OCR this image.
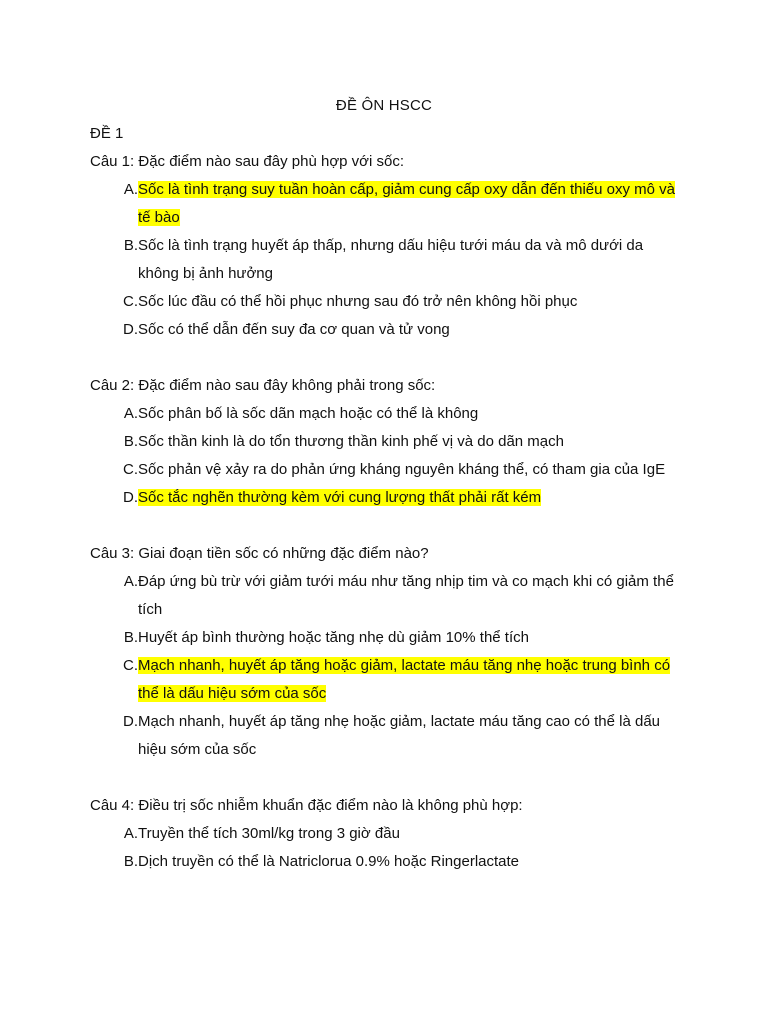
ĐỀ ÔN HSCC
ĐỀ 1
Câu 1: Đặc điểm nào sau đây phù hợp với sốc:
A. Sốc là tình trạng suy tuần hoàn cấp, giảm cung cấp oxy dẫn đến thiếu oxy mô và tế bào
B. Sốc là tình trạng huyết áp thấp, nhưng dấu hiệu tưới máu da và mô dưới da không bị ảnh hưởng
C. Sốc lúc đầu có thể hồi phục nhưng sau đó trở nên không hồi phục
D. Sốc có thể dẫn đến suy đa cơ quan và tử vong
Câu 2: Đặc điểm nào sau đây không phải trong sốc:
A. Sốc phân bố là sốc dãn mạch hoặc có thể là không
B. Sốc thần kinh là do tổn thương thần kinh phế vị và do dãn mạch
C. Sốc phản vệ xảy ra do phản ứng kháng nguyên kháng thể, có tham gia của IgE
D. Sốc tắc nghẽn thường kèm với cung lượng thất phải rất kém
Câu 3: Giai đoạn tiền sốc có những đặc điểm nào?
A. Đáp ứng bù trừ với giảm tưới máu như tăng nhịp tim và co mạch khi có giảm thể tích
B. Huyết áp bình thường hoặc tăng nhẹ dù giảm 10% thể tích
C. Mạch nhanh, huyết áp tăng hoặc giảm, lactate máu tăng nhẹ hoặc trung bình có thể là dấu hiệu sớm của sốc
D. Mạch nhanh, huyết áp tăng nhẹ hoặc giảm, lactate máu tăng cao có thể là dấu hiệu sớm của sốc
Câu 4: Điều trị sốc nhiễm khuẩn đặc điểm nào là không phù hợp:
A. Truyền thể tích 30ml/kg trong 3 giờ đầu
B. Dịch truyền có thể là Natriclorua 0.9% hoặc Ringerlactate
